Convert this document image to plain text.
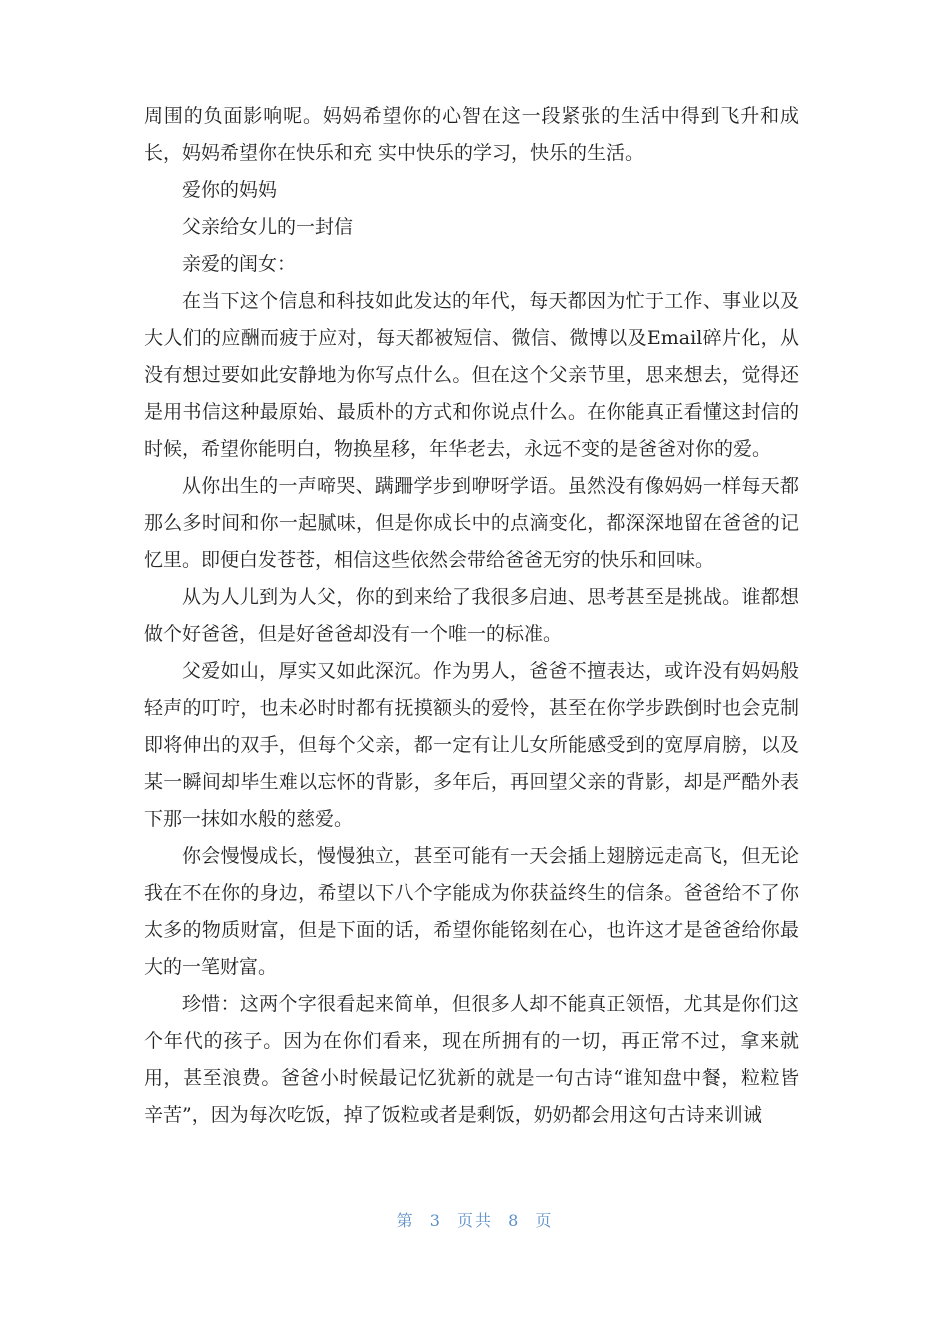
周围的负面影响呢。妈妈希望你的心智在这一段紧张的生活中得到飞升和成长，妈妈希望你在快乐和充 实中快乐的学习，快乐的生活。

爱你的妈妈

父亲给女儿的一封信

亲爱的闺女：

在当下这个信息和科技如此发达的年代，每天都因为忙于工作、事业以及大人们的应酬而疲于应对，每天都被短信、微信、微博以及Email碎片化，从没有想过要如此安静地为你写点什么。但在这个父亲节里，思来想去，觉得还是用书信这种最原始、最质朴的方式和你说点什么。在你能真正看懂这封信的时候，希望你能明白，物换星移，年华老去，永远不变的是爸爸对你的爱。

从你出生的一声啼哭、蹒跚学步到咿呀学语。虽然没有像妈妈一样每天都那么多时间和你一起腻味，但是你成长中的点滴变化，都深深地留在爸爸的记忆里。即便白发苍苍，相信这些依然会带给爸爸无穷的快乐和回味。

从为人儿到为人父，你的到来给了我很多启迪、思考甚至是挑战。谁都想做个好爸爸，但是好爸爸却没有一个唯一的标准。

父爱如山，厚实又如此深沉。作为男人，爸爸不擅表达，或许没有妈妈般轻声的叮咛，也未必时时都有抚摸额头的爱怜，甚至在你学步跌倒时也会克制即将伸出的双手，但每个父亲，都一定有让儿女所能感受到的宽厚肩膀，以及某一瞬间却毕生难以忘怀的背影，多年后，再回望父亲的背影，却是严酷外表下那一抹如水般的慈爱。

你会慢慢成长，慢慢独立，甚至可能有一天会插上翅膀远走高飞，但无论我在不在你的身边，希望以下八个字能成为你获益终生的信条。爸爸给不了你太多的物质财富，但是下面的话，希望你能铭刻在心，也许这才是爸爸给你最大的一笔财富。

珍惜：这两个字很看起来简单，但很多人却不能真正领悟，尤其是你们这个年代的孩子。因为在你们看来，现在所拥有的一切，再正常不过，拿来就用，甚至浪费。爸爸小时候最记忆犹新的就是一句古诗“谁知盘中餐，粒粒皆辛苦”，因为每次吃饭，掉了饭粒或者是剩饭，奶奶都会用这句古诗来训诫

第 3 页共 8 页
